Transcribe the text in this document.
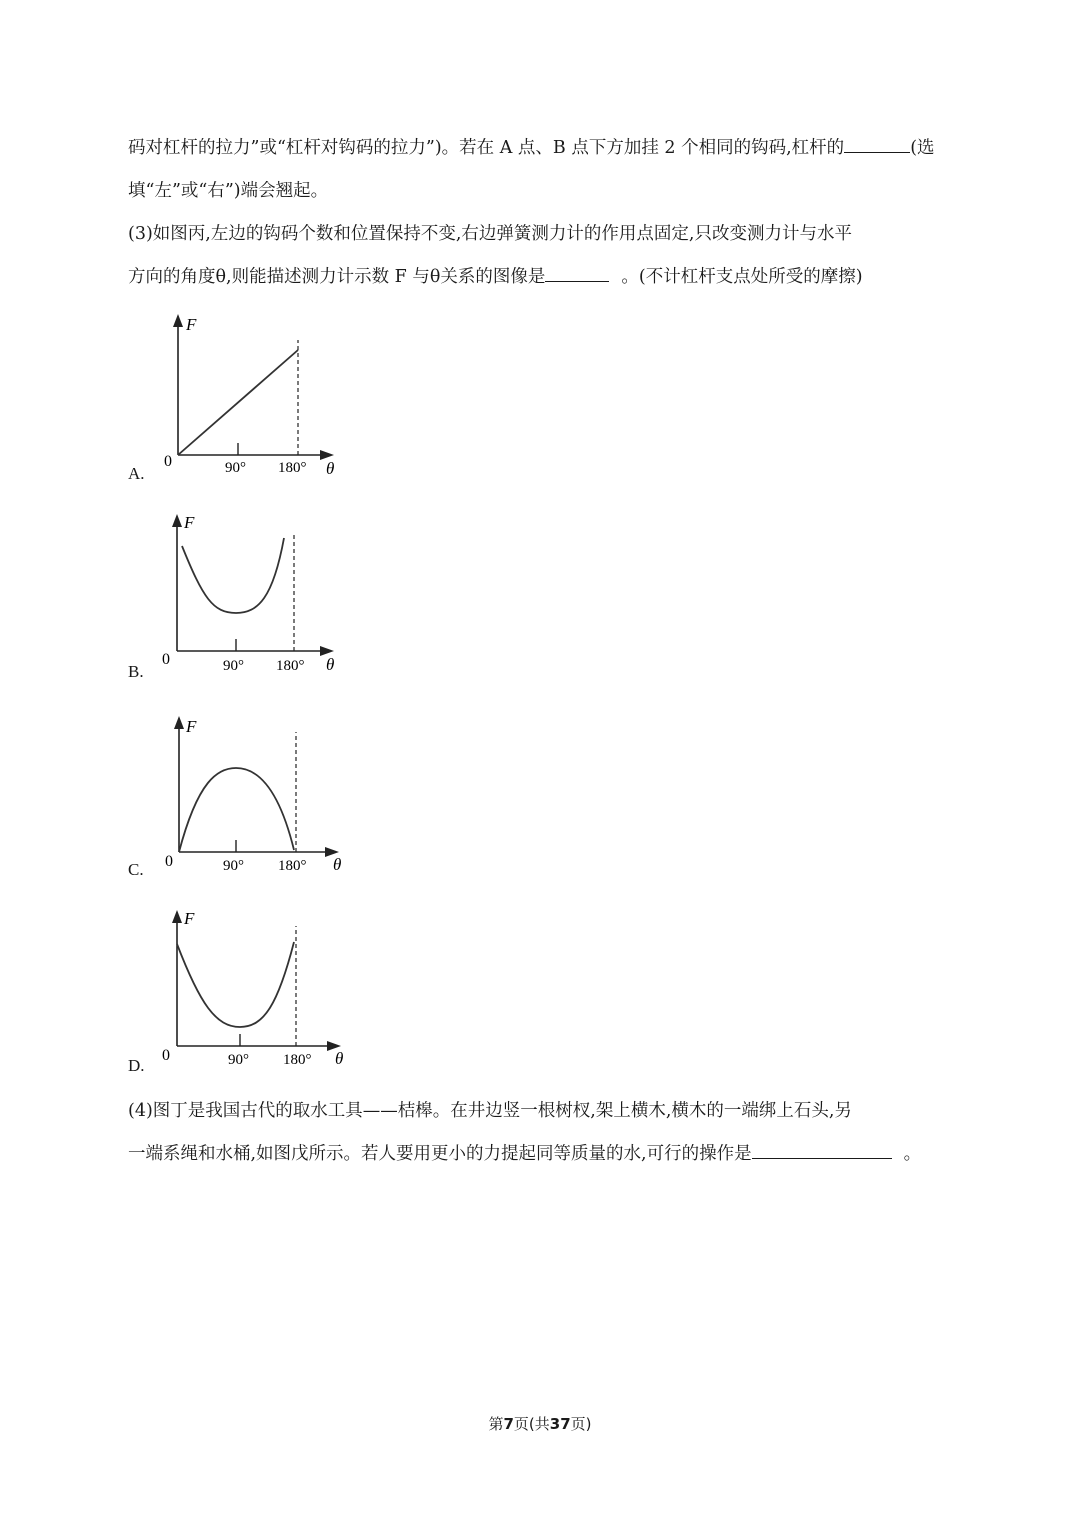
码对杠杆的拉力”或“杠杆对钩码的拉力”)。若在 A 点、B 点下方加挂 2 个相同的钩码,杠杆的	(选
填“左”或“右”)端会翘起。
(3)如图丙,左边的钩码个数和位置保持不变,右边弹簧测力计的作用点固定,只改变测力计与水平
方向的角度θ,则能描述测力计示数 F 与θ关系的图像是	。(不计杠杆支点处所受的摩擦)
A.
F
0	90° 180° θ
B.
F
0	90° 180° θ
C.
F
0	90° 180° θ
D.
F
0	90° 180° θ
(4)图丁是我国古代的取水工具——桔槔。在井边竖一根树杈,架上横木,横木的一端绑上石头,另
一端系绳和水桶,如图戊所示。若人要用更小的力提起同等质量的水,可行的操作是	。
第7页(共37页)
